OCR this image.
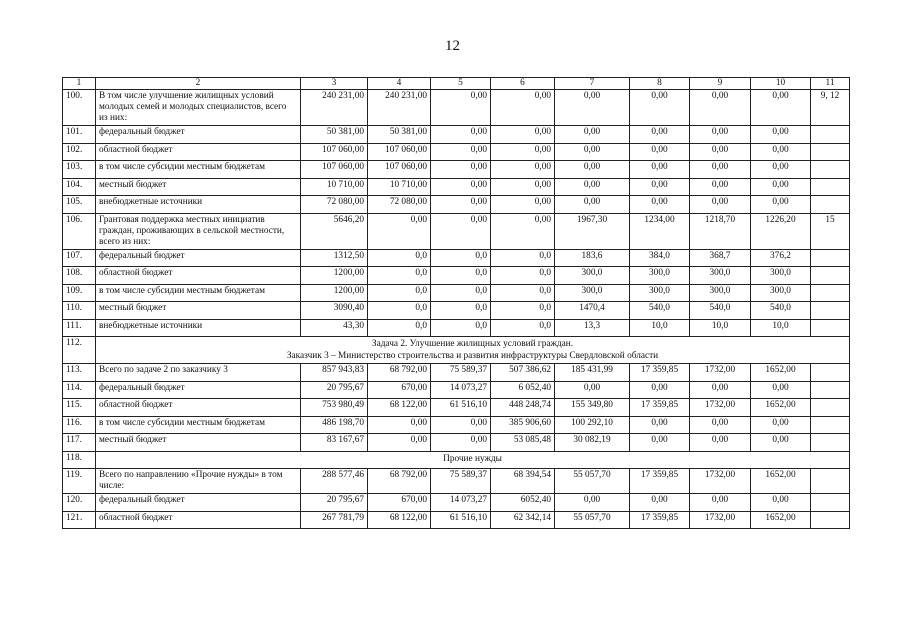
12
1	2	3	4	5	6	7	8	9	10	11
100.	В том числе улучшение жилищных условий молодых семей и молодых специалистов, всего из них:	240 231,00	240 231,00	0,00	0,00	0,00	0,00	0,00	0,00	9, 12
101.	федеральный бюджет	50 381,00	50 381,00	0,00	0,00	0,00	0,00	0,00	0,00	
102.	областной бюджет	107 060,00	107 060,00	0,00	0,00	0,00	0,00	0,00	0,00	
103.	в том числе субсидии местным бюджетам	107 060,00	107 060,00	0,00	0,00	0,00	0,00	0,00	0,00	
104.	местный бюджет	10 710,00	10 710,00	0,00	0,00	0,00	0,00	0,00	0,00	
105.	внебюджетные источники	72 080,00	72 080,00	0,00	0,00	0,00	0,00	0,00	0,00	
106.	Грантовая поддержка местных инициатив граждан, проживающих в сельской местности, всего из них:	5646,20	0,00	0,00	0,00	1967,30	1234,00	1218,70	1226,20	15
107.	федеральный бюджет	1312,50	0,0	0,0	0,0	183,6	384,0	368,7	376,2	
108.	областной бюджет	1200,00	0,0	0,0	0,0	300,0	300,0	300,0	300,0	
109.	в том числе субсидии местным бюджетам	1200,00	0,0	0,0	0,0	300,0	300,0	300,0	300,0	
110.	местный бюджет	3090,40	0,0	0,0	0,0	1470,4	540,0	540,0	540,0	
111.	внебюджетные источники	43,30	0,0	0,0	0,0	13,3	10,0	10,0	10,0	
112.	Задача 2. Улучшение жилищных условий граждан.
Заказчик 3 – Министерство строительства и развития инфраструктуры Свердловской области									

113.	Всего по задаче 2 по заказчику 3	857 943,83	68 792,00	75 589,37	507 386,62	185 431,99	17 359,85	1732,00	1652,00	
114.	федеральный бюджет	20 795,67	670,00	14 073,27	6 052,40	0,00	0,00	0,00	0,00	
115.	областной бюджет	753 980,49	68 122,00	61 516,10	448 248,74	155 349,80	17 359,85	1732,00	1652,00	
116.	в том числе субсидии местным бюджетам	486 198,70	0,00	0,00	385 906,60	100 292,10	0,00	0,00	0,00	
117.	местный бюджет	83 167,67	0,00	0,00	53 085,48	30 082,19	0,00	0,00	0,00	
118.	Прочие нужды									

119.	Всего по направлению «Прочие нужды» в том числе:	288 577,46	68 792,00	75 589,37	68 394,54	55 057,70	17 359,85	1732,00	1652,00	
120.	федеральный бюджет	20 795,67	670,00	14 073,27	6052,40	0,00	0,00	0,00	0,00	
121.	областной бюджет	267 781,79	68 122,00	61 516,10	62 342,14	55 057,70	17 359,85	1732,00	1652,00	
